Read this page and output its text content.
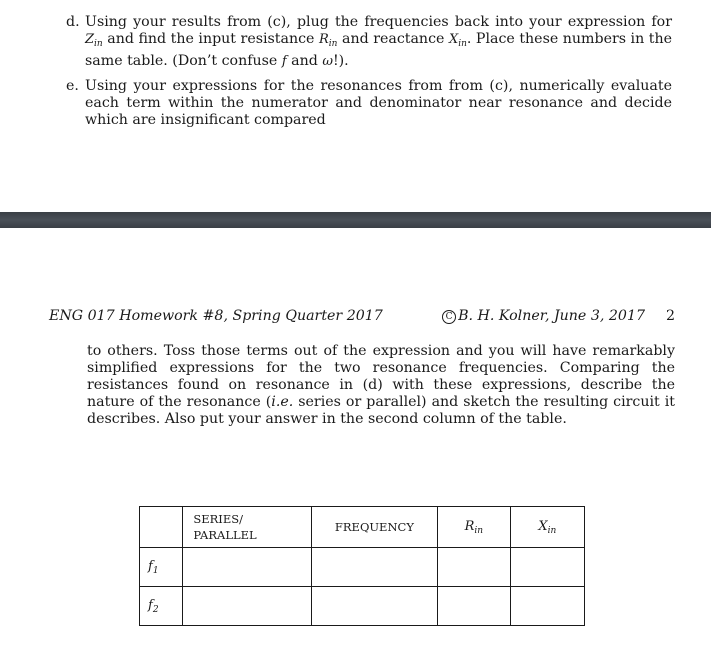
d. Using your results from (c), plug the frequencies back into your expression for $Z_{in}$ and find the input resistance $R_{in}$ and reactance $X_{in}$. Place these numbers in the same table. (Don’t confuse f and ω!).
e. Using your expressions for the resonances from from (c), numerically evaluate each term within the numerator and denominator near resonance and decide which are insignificant compared
ENG 017 Homework #8, Spring Quarter 2017	C B. H. Kolner, June 3, 2017 2
to others. Toss those terms out of the expression and you will have remarkably simplified expressions for the two resonance frequencies. Comparing the resistances found on resonance in (d) with these expressions, describe the nature of the resonance (i.e. series or parallel) and sketch the resulting circuit it describes. Also put your answer in the second column of the table.
	SERIES/
PARALLEL	FREQUENCY	$R_{in}$	$X_{in}$
$f_1$				
$f_2$				
